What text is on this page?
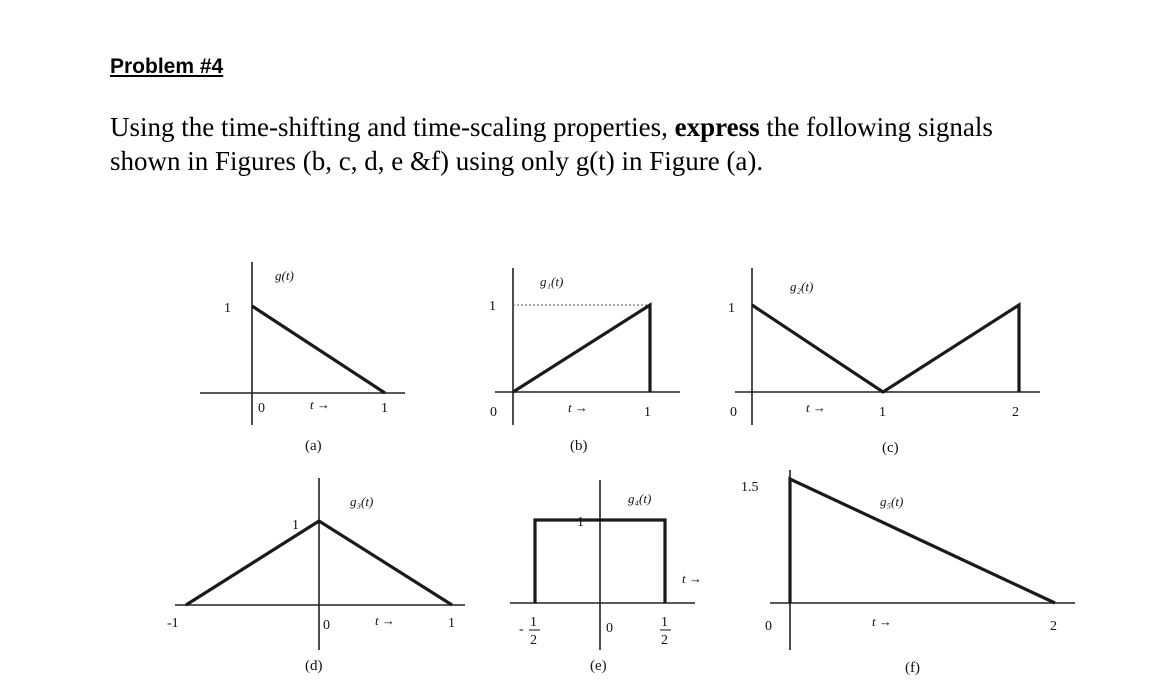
Problem #4
Using the time-shifting and time-scaling properties, express the following signals shown in Figures (b, c, d, e &f) using only g(t) in Figure (a).
g(t)
1
0	1
t →
(a)
g₁(t)
1
0	1
t →
(b)
g₂(t)
1
0	1	2
t →
(c)
g₃(t)
1
-1	0	1
t →
(d)
g₄(t)
1
0
- 1
2
1
2
t →
(e)
g₅(t)
1.5
0	2
t →
(f)
